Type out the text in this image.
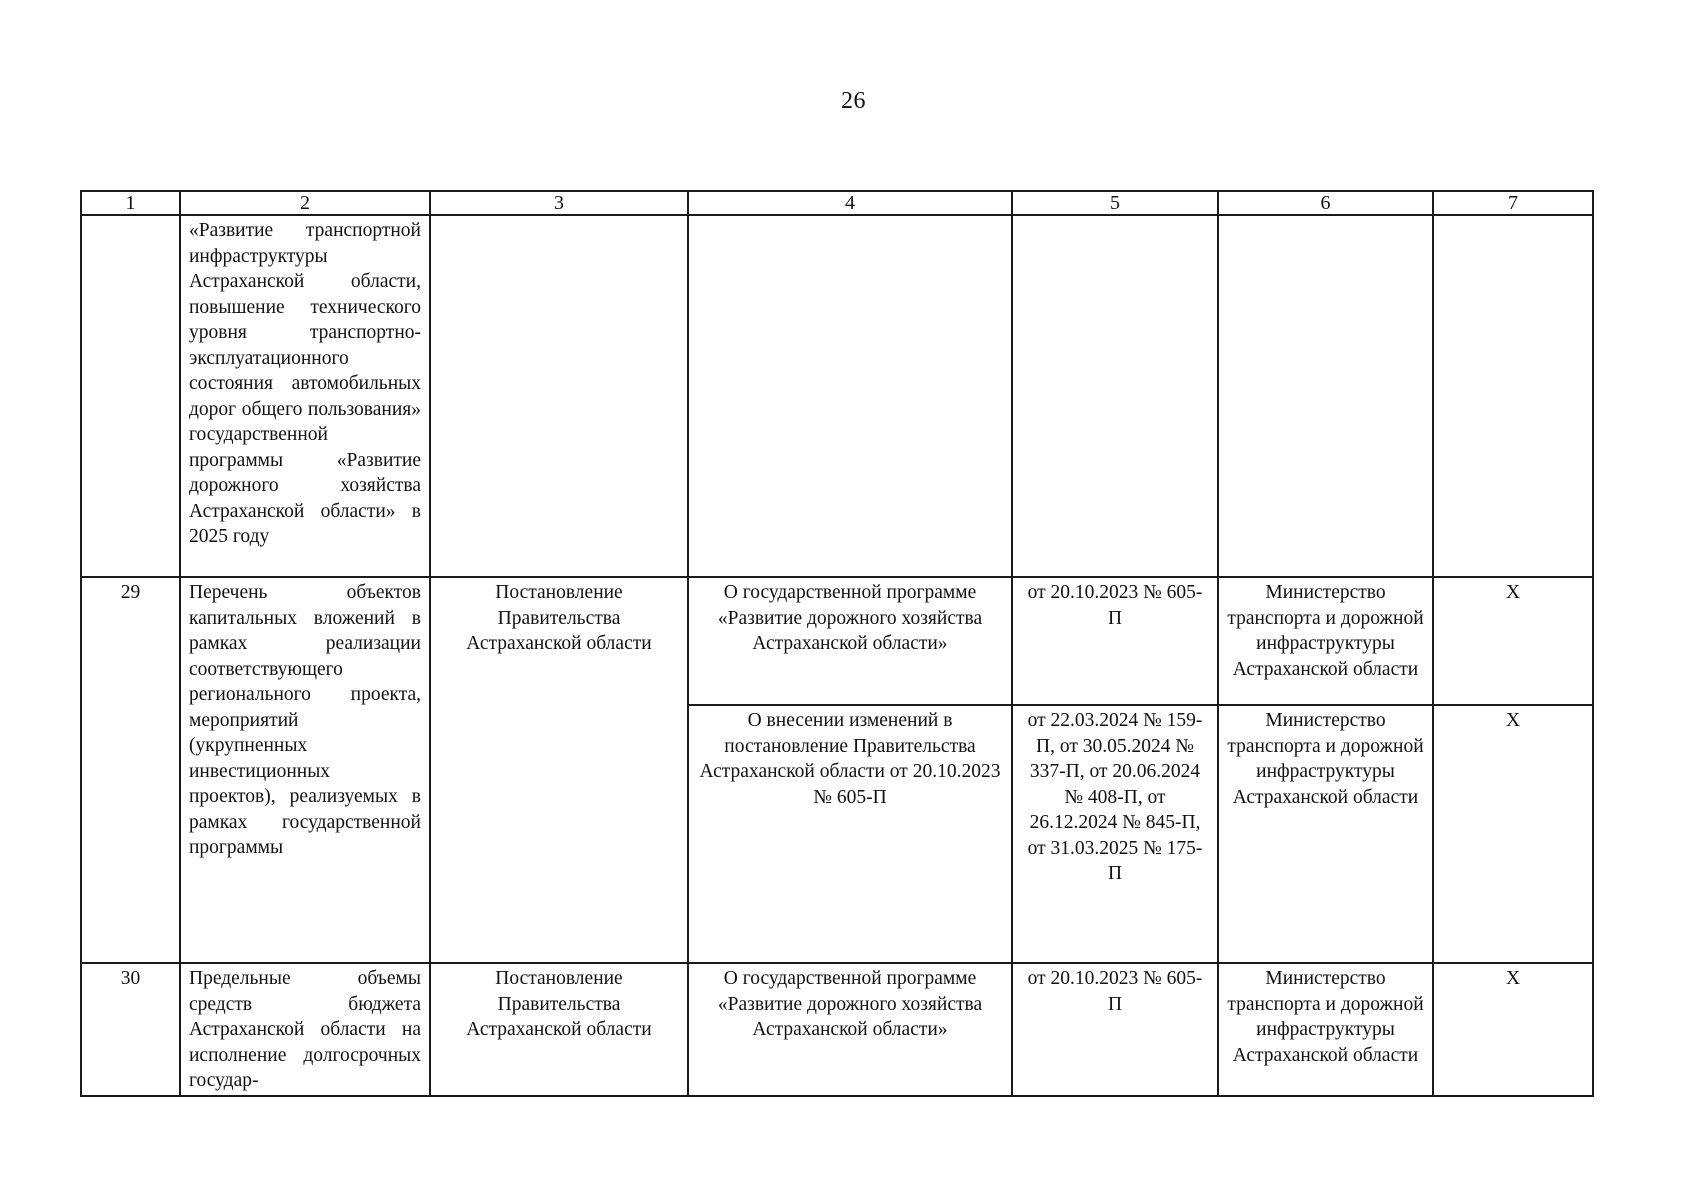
26
1	2	3	4	5	6	7
	«Развитие транспортной инфраструктуры Астраханской области, повышение технического уровня транспортно-эксплуатационного состояния автомобильных дорог общего пользования» государственной программы «Развитие дорожного хозяйства Астраханской области» в 2025 году					
29	Перечень объектов капитальных вложений в рамках реализации соответствующего регионального проекта, мероприятий (укрупненных инвестиционных проектов), реализуемых в рамках государственной программы	Постановление Правительства Астраханской области	О государственной программе «Развитие дорожного хозяйства Астраханской области»	от 20.10.2023 № 605-П	Министерство транспорта и дорожной инфраструктуры Астраханской области	X
			О внесении изменений в постановление Правительства Астраханской области от 20.10.2023 № 605-П	от 22.03.2024 № 159-П, от 30.05.2024 № 337-П, от 20.06.2024 № 408-П, от 26.12.2024 № 845-П, от 31.03.2025 № 175-П	Министерство транспорта и дорожной инфраструктуры Астраханской области	X
30	Предельные объемы средств бюджета Астраханской области на исполнение долгосрочных государ-	Постановление Правительства Астраханской области	О государственной программе «Развитие дорожного хозяйства Астраханской области»	от 20.10.2023 № 605-П	Министерство транспорта и дорожной инфраструктуры Астраханской области	X
